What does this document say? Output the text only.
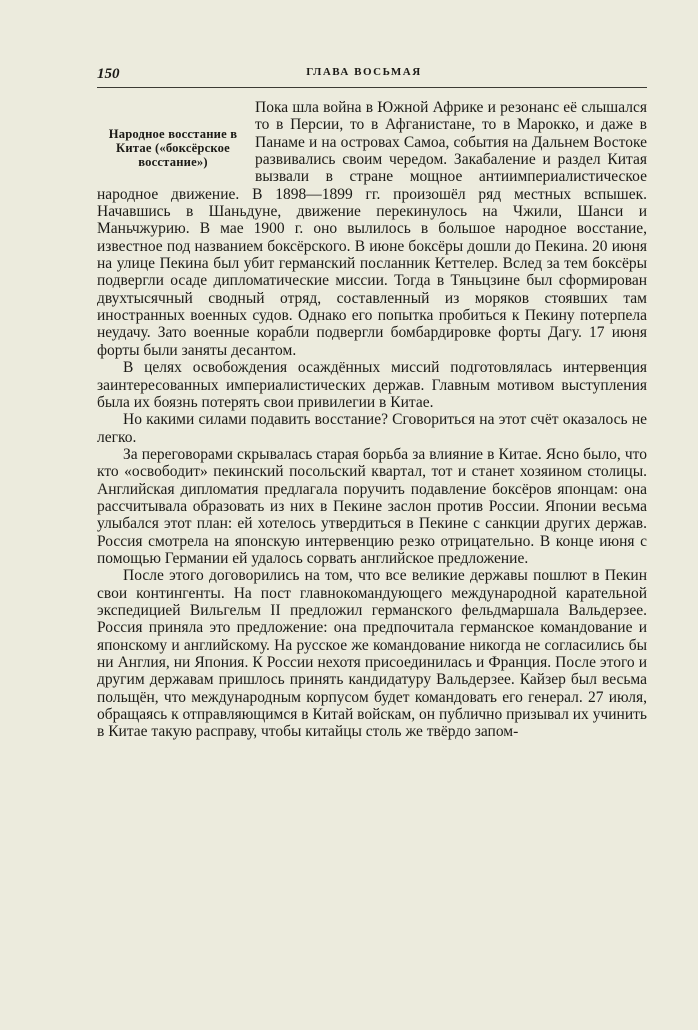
150	ГЛАВА ВОСЬМАЯ
Народное восстание в Китае («боксёрское восстание»)

Пока шла война в Южной Африке и резонанс её слышался то в Персии, то в Афганистане, то в Марокко, и даже в Панаме и на островах Самоа, события на Дальнем Востоке развивались своим чередом. Закабаление и раздел Китая вызвали в стране мощное антиимпериалистическое народное движение. В 1898—1899 гг. произошёл ряд местных вспышек. Начавшись в Шаньдуне, движение перекинулось на Чжили, Шанси и Маньчжурию. В мае 1900 г. оно вылилось в большое народное восстание, известное под названием боксёрского. В июне боксёры дошли до Пекина. 20 июня на улице Пекина был убит германский посланник Кеттелер. Вслед за тем боксёры подвергли осаде дипломатические миссии. Тогда в Тяньцзине был сформирован двухтысячный сводный отряд, составленный из моряков стоявших там иностранных военных судов. Однако его попытка пробиться к Пекину потерпела неудачу. Зато военные корабли подвергли бомбардировке форты Дагу. 17 июня форты были заняты десантом.

В целях освобождения осаждённых миссий подготовлялась интервенция заинтересованных империалистических держав. Главным мотивом выступления была их боязнь потерять свои привилегии в Китае.

Но какими силами подавить восстание? Сговориться на этот счёт оказалось не легко.

За переговорами скрывалась старая борьба за влияние в Китае. Ясно было, что кто «освободит» пекинский посольский квартал, тот и станет хозяином столицы. Английская дипломатия предлагала поручить подавление боксёров японцам: она рассчитывала образовать из них в Пекине заслон против России. Японии весьма улыбался этот план: ей хотелось утвердиться в Пекине с санкции других держав. Россия смотрела на японскую интервенцию резко отрицательно. В конце июня с помощью Германии ей удалось сорвать английское предложение.

После этого договорились на том, что все великие державы пошлют в Пекин свои контингенты. На пост главнокомандующего международной карательной экспедицией Вильгельм II предложил германского фельдмаршала Вальдерзее. Россия приняла это предложение: она предпочитала германское командование и японскому и английскому. На русское же командование никогда не согласились бы ни Англия, ни Япония. К России нехотя присоединилась и Франция. После этого и другим державам пришлось принять кандидатуру Вальдерзее. Кайзер был весьма польщён, что международным корпусом будет командовать его генерал. 27 июля, обращаясь к отправляющимся в Китай войскам, он публично призывал их учинить в Китае такую расправу, чтобы китайцы столь же твёрдо запом-
